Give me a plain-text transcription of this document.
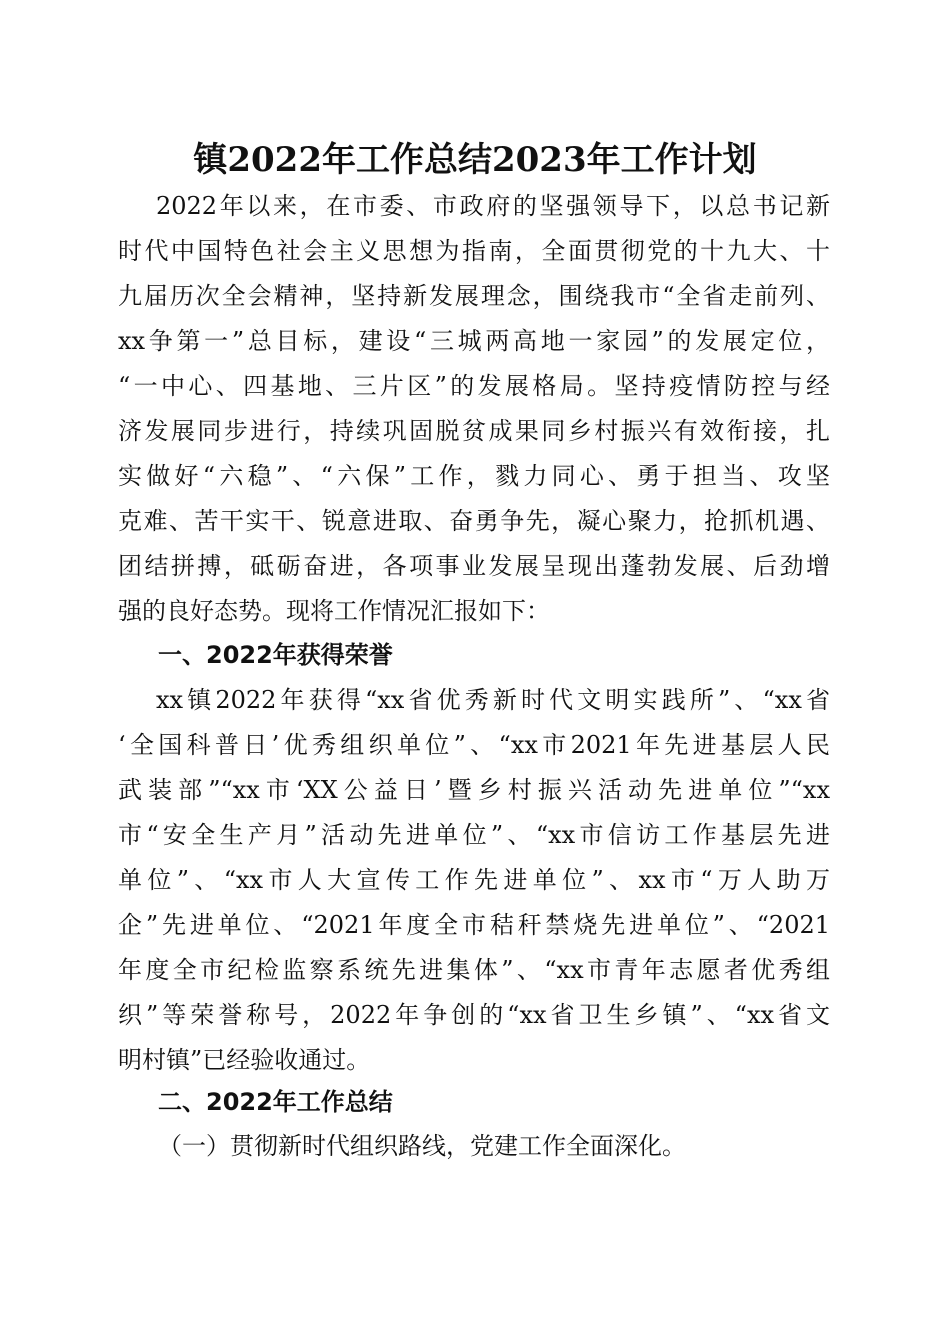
镇2022年工作总结2023年工作计划
2022年以来，在市委、市政府的坚强领导下，以总书记新
时代中国特色社会主义思想为指南，全面贯彻党的十九大、十
九届历次全会精神，坚持新发展理念，围绕我市“全省走前列、
xx争第一”总目标，建设“三城两高地一家园”的发展定位，
“一中心、四基地、三片区”的发展格局。坚持疫情防控与经
济发展同步进行，持续巩固脱贫成果同乡村振兴有效衔接，扎
实做好“六稳”、“六保”工作，戮力同心、勇于担当、攻坚
克难、苦干实干、锐意进取、奋勇争先，凝心聚力，抢抓机遇、
团结拼搏，砥砺奋进，各项事业发展呈现出蓬勃发展、后劲增
强的良好态势。现将工作情况汇报如下：
一、2022年获得荣誉
xx镇2022年获得“xx省优秀新时代文明实践所”、“xx省
‘全国科普日’优秀组织单位”、“xx市2021年先进基层人民
武装部”“xx市‘XX公益日’暨乡村振兴活动先进单位”“xx
市“安全生产月”活动先进单位”、“xx市信访工作基层先进
单位”、“xx市人大宣传工作先进单位”、xx市“万人助万
企”先进单位、“2021年度全市秸秆禁烧先进单位”、“2021
年度全市纪检监察系统先进集体”、“xx市青年志愿者优秀组
织”等荣誉称号，2022年争创的“xx省卫生乡镇”、“xx省文
明村镇”已经验收通过。
二、2022年工作总结
（一）贯彻新时代组织路线，党建工作全面深化。
